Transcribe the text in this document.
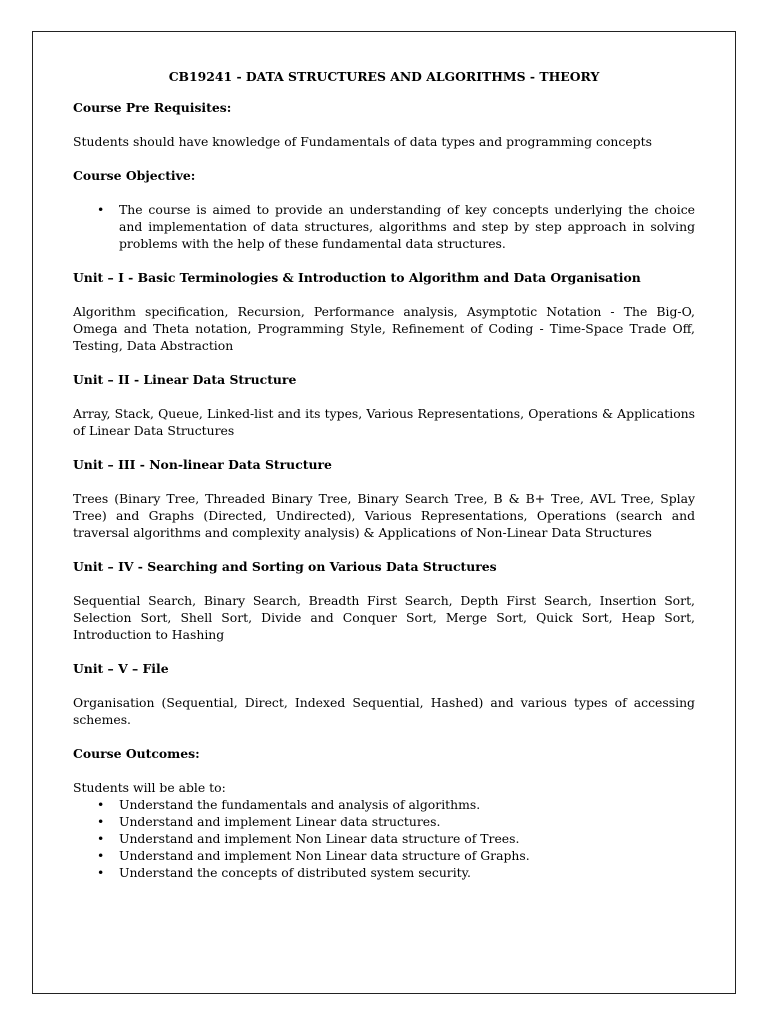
CB19241 - DATA STRUCTURES AND ALGORITHMS - THEORY
Course Pre Requisites:
Students should have knowledge of Fundamentals of data types and programming concepts
Course Objective:
• The course is aimed to provide an understanding of key concepts underlying the choice and implementation of data structures, algorithms and step by step approach in solving problems with the help of these fundamental data structures.
Unit – I - Basic Terminologies & Introduction to Algorithm and Data Organisation
Algorithm specification, Recursion, Performance analysis, Asymptotic Notation - The Big-O, Omega and Theta notation, Programming Style, Refinement of Coding - Time-Space Trade Off, Testing, Data Abstraction
Unit – II - Linear Data Structure
Array, Stack, Queue, Linked-list and its types, Various Representations, Operations & Applications of Linear Data Structures
Unit – III - Non-linear Data Structure
Trees (Binary Tree, Threaded Binary Tree, Binary Search Tree, B & B+ Tree, AVL Tree, Splay Tree) and Graphs (Directed, Undirected), Various Representations, Operations (search and traversal algorithms and complexity analysis) & Applications of Non-Linear Data Structures
Unit – IV - Searching and Sorting on Various Data Structures
Sequential Search, Binary Search, Breadth First Search, Depth First Search, Insertion Sort, Selection Sort, Shell Sort, Divide and Conquer Sort, Merge Sort, Quick Sort, Heap Sort, Introduction to Hashing
Unit – V – File
Organisation (Sequential, Direct, Indexed Sequential, Hashed) and various types of accessing schemes.
Course Outcomes:
Students will be able to:
• Understand the fundamentals and analysis of algorithms.
• Understand and implement Linear data structures.
• Understand and implement Non Linear data structure of Trees.
• Understand and implement Non Linear data structure of Graphs.
• Understand the concepts of distributed system security.
